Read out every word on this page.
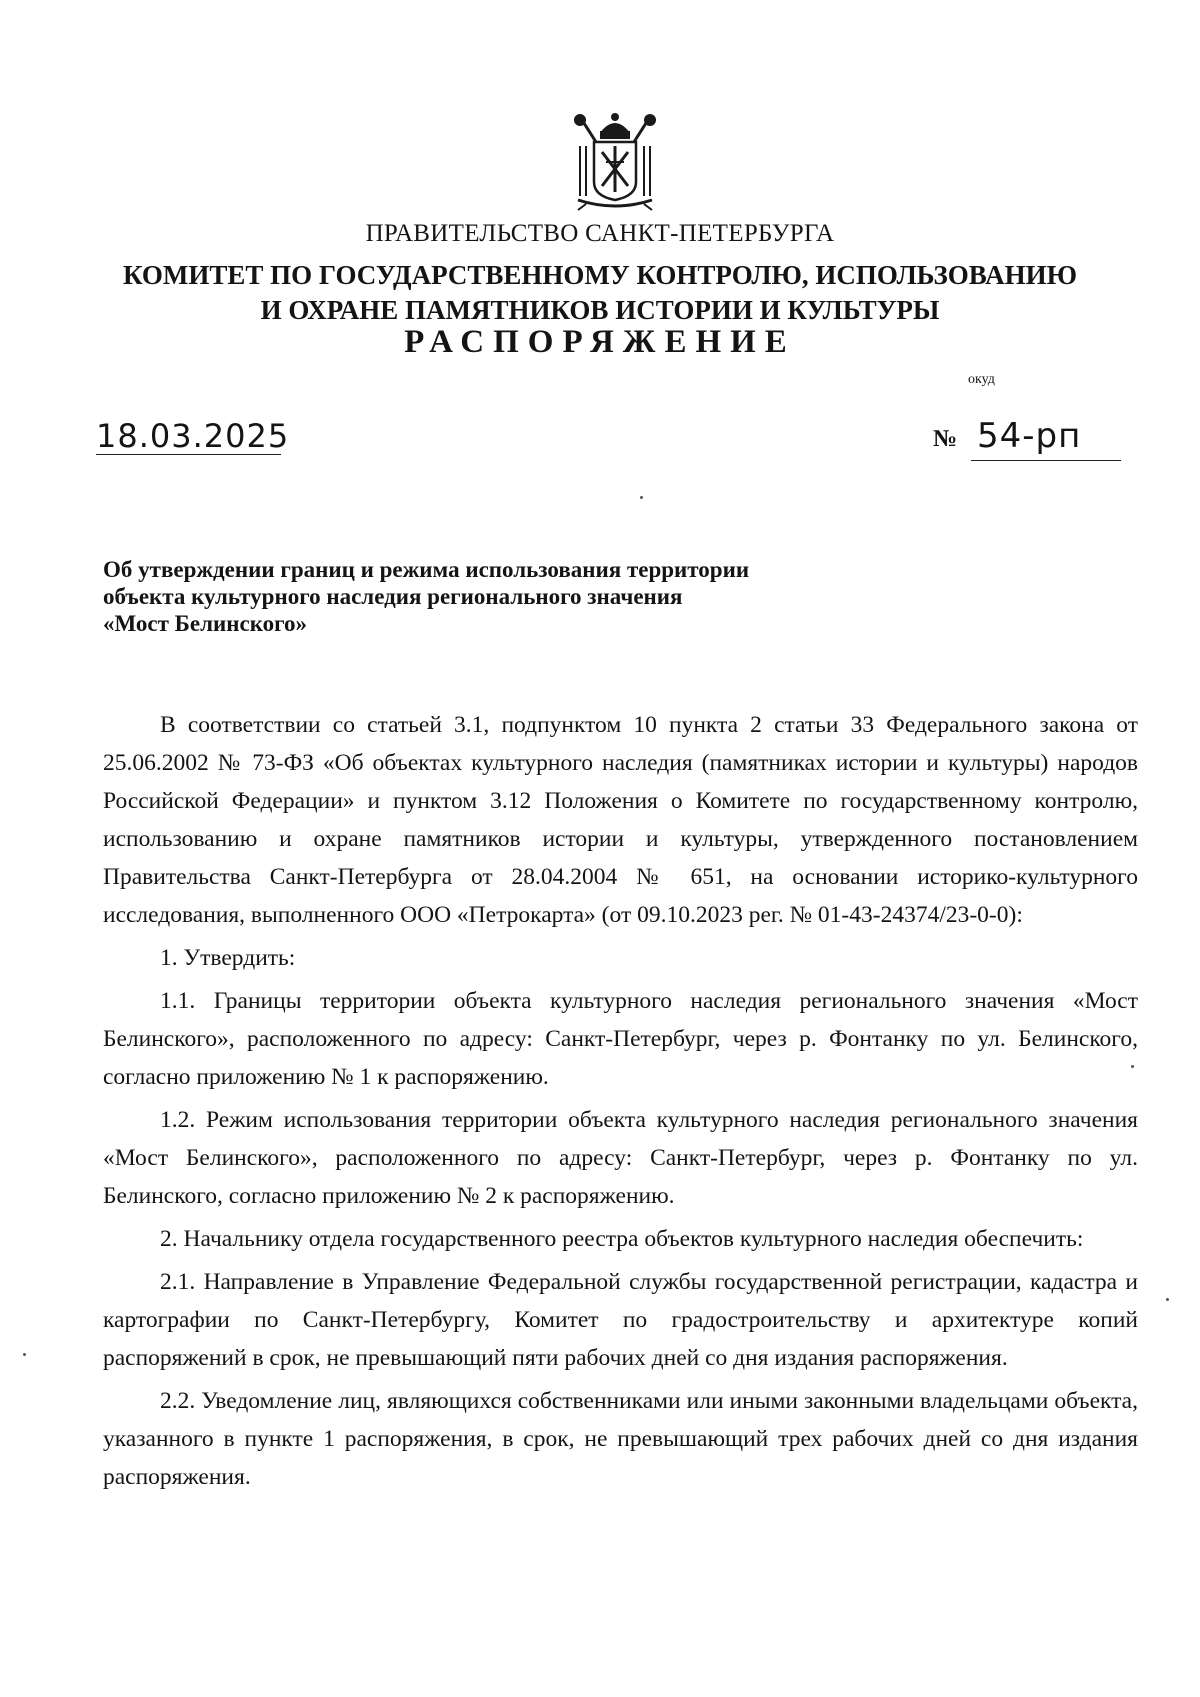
ПРАВИТЕЛЬСТВО САНКТ-ПЕТЕРБУРГА
КОМИТЕТ ПО ГОСУДАРСТВЕННОМУ КОНТРОЛЮ, ИСПОЛЬЗОВАНИЮ
И ОХРАНЕ ПАМЯТНИКОВ ИСТОРИИ И КУЛЬТУРЫ
РАСПОРЯЖЕНИЕ
окуд
18.03.2025	№ 54-рп
Об утверждении границ и режима использования территории
объекта культурного наследия регионального значения
«Мост Белинского»

В соответствии со статьей 3.1, подпунктом 10 пункта 2 статьи 33 Федерального закона от 25.06.2002 № 73-ФЗ «Об объектах культурного наследия (памятниках истории и культуры) народов Российской Федерации» и пунктом 3.12 Положения о Комитете по государственному контролю, использованию и охране памятников истории и культуры, утвержденного постановлением Правительства Санкт-Петербурга от 28.04.2004 № 651, на основании историко-культурного исследования, выполненного ООО «Петрокарта» (от 09.10.2023 рег. № 01-43-24374/23-0-0):

1. Утвердить:

1.1. Границы территории объекта культурного наследия регионального значения «Мост Белинского», расположенного по адресу: Санкт-Петербург, через р. Фонтанку по ул. Белинского, согласно приложению № 1 к распоряжению.

1.2. Режим использования территории объекта культурного наследия регионального значения «Мост Белинского», расположенного по адресу: Санкт-Петербург, через р. Фонтанку по ул. Белинского, согласно приложению № 2 к распоряжению.

2. Начальнику отдела государственного реестра объектов культурного наследия обеспечить:

2.1. Направление в Управление Федеральной службы государственной регистрации, кадастра и картографии по Санкт-Петербургу, Комитет по градостроительству и архитектуре копий распоряжений в срок, не превышающий пяти рабочих дней со дня издания распоряжения.

2.2. Уведомление лиц, являющихся собственниками или иными законными владельцами объекта, указанного в пункте 1 распоряжения, в срок, не превышающий трех рабочих дней со дня издания распоряжения.
